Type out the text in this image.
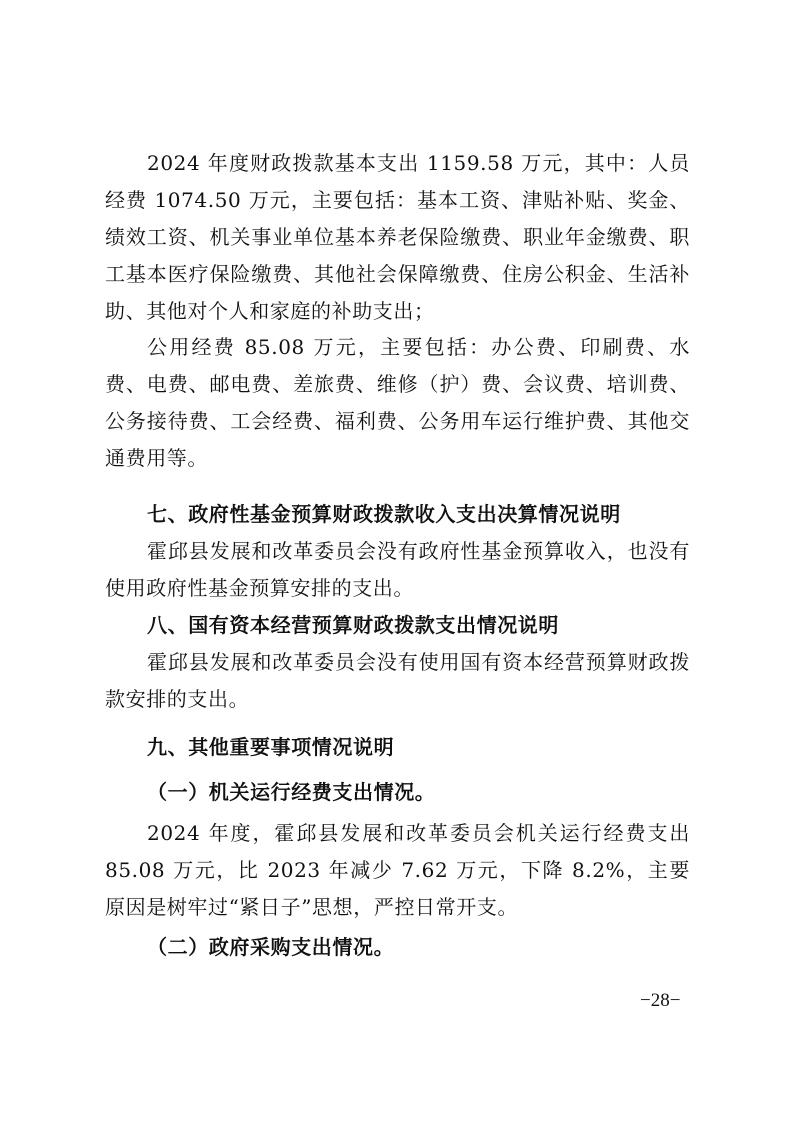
2024 年度财政拨款基本支出 1159.58 万元，其中：人员经费 1074.50 万元，主要包括：基本工资、津贴补贴、奖金、绩效工资、机关事业单位基本养老保险缴费、职业年金缴费、职工基本医疗保险缴费、其他社会保障缴费、住房公积金、生活补助、其他对个人和家庭的补助支出；

公用经费 85.08 万元，主要包括：办公费、印刷费、水费、电费、邮电费、差旅费、维修（护）费、会议费、培训费、公务接待费、工会经费、福利费、公务用车运行维护费、其他交通费用等。

七、政府性基金预算财政拨款收入支出决算情况说明

霍邱县发展和改革委员会没有政府性基金预算收入，也没有使用政府性基金预算安排的支出。

八、国有资本经营预算财政拨款支出情况说明

霍邱县发展和改革委员会没有使用国有资本经营预算财政拨款安排的支出。

九、其他重要事项情况说明

（一）机关运行经费支出情况。

2024 年度，霍邱县发展和改革委员会机关运行经费支出 85.08 万元，比 2023 年减少 7.62 万元，下降 8.2%，主要原因是树牢过“紧日子”思想，严控日常开支。

（二）政府采购支出情况。

−28−
